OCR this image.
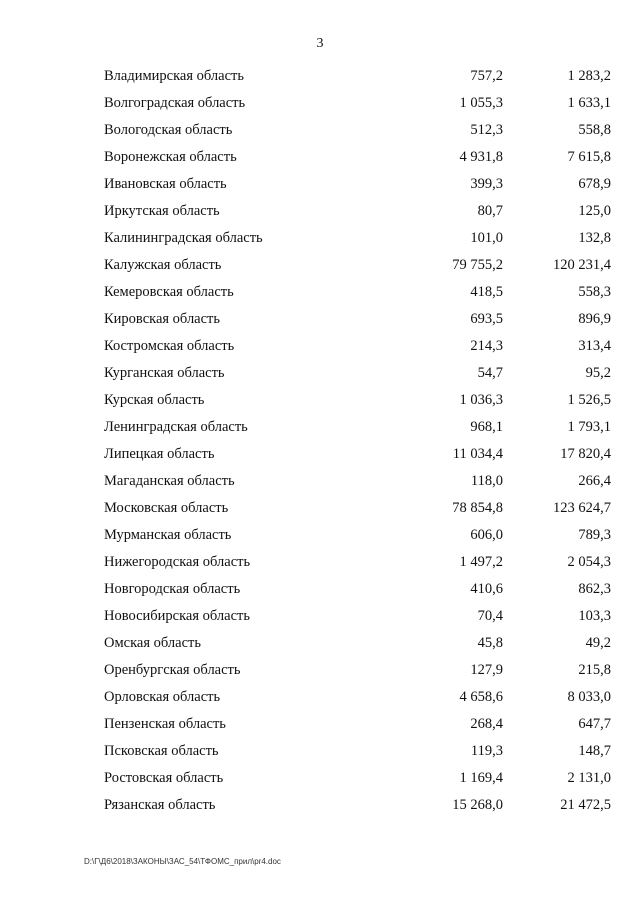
3
Владимирская область	757,2	1 283,2
Волгоградская область	1 055,3	1 633,1
Вологодская область	512,3	558,8
Воронежская область	4 931,8	7 615,8
Ивановская область	399,3	678,9
Иркутская область	80,7	125,0
Калининградская область	101,0	132,8
Калужская область	79 755,2	120 231,4
Кемеровская область	418,5	558,3
Кировская область	693,5	896,9
Костромская область	214,3	313,4
Курганская область	54,7	95,2
Курская область	1 036,3	1 526,5
Ленинградская область	968,1	1 793,1
Липецкая область	11 034,4	17 820,4
Магаданская область	118,0	266,4
Московская область	78 854,8	123 624,7
Мурманская область	606,0	789,3
Нижегородская область	1 497,2	2 054,3
Новгородская область	410,6	862,3
Новосибирская область	70,4	103,3
Омская область	45,8	49,2
Оренбургская область	127,9	215,8
Орловская область	4 658,6	8 033,0
Пензенская область	268,4	647,7
Псковская область	119,3	148,7
Ростовская область	1 169,4	2 131,0
Рязанская область	15 268,0	21 472,5
D:\Г\Д6\2018\ЗАКОНЫ\ЗАС_54\ТФОМС_прил\pr4.doc
